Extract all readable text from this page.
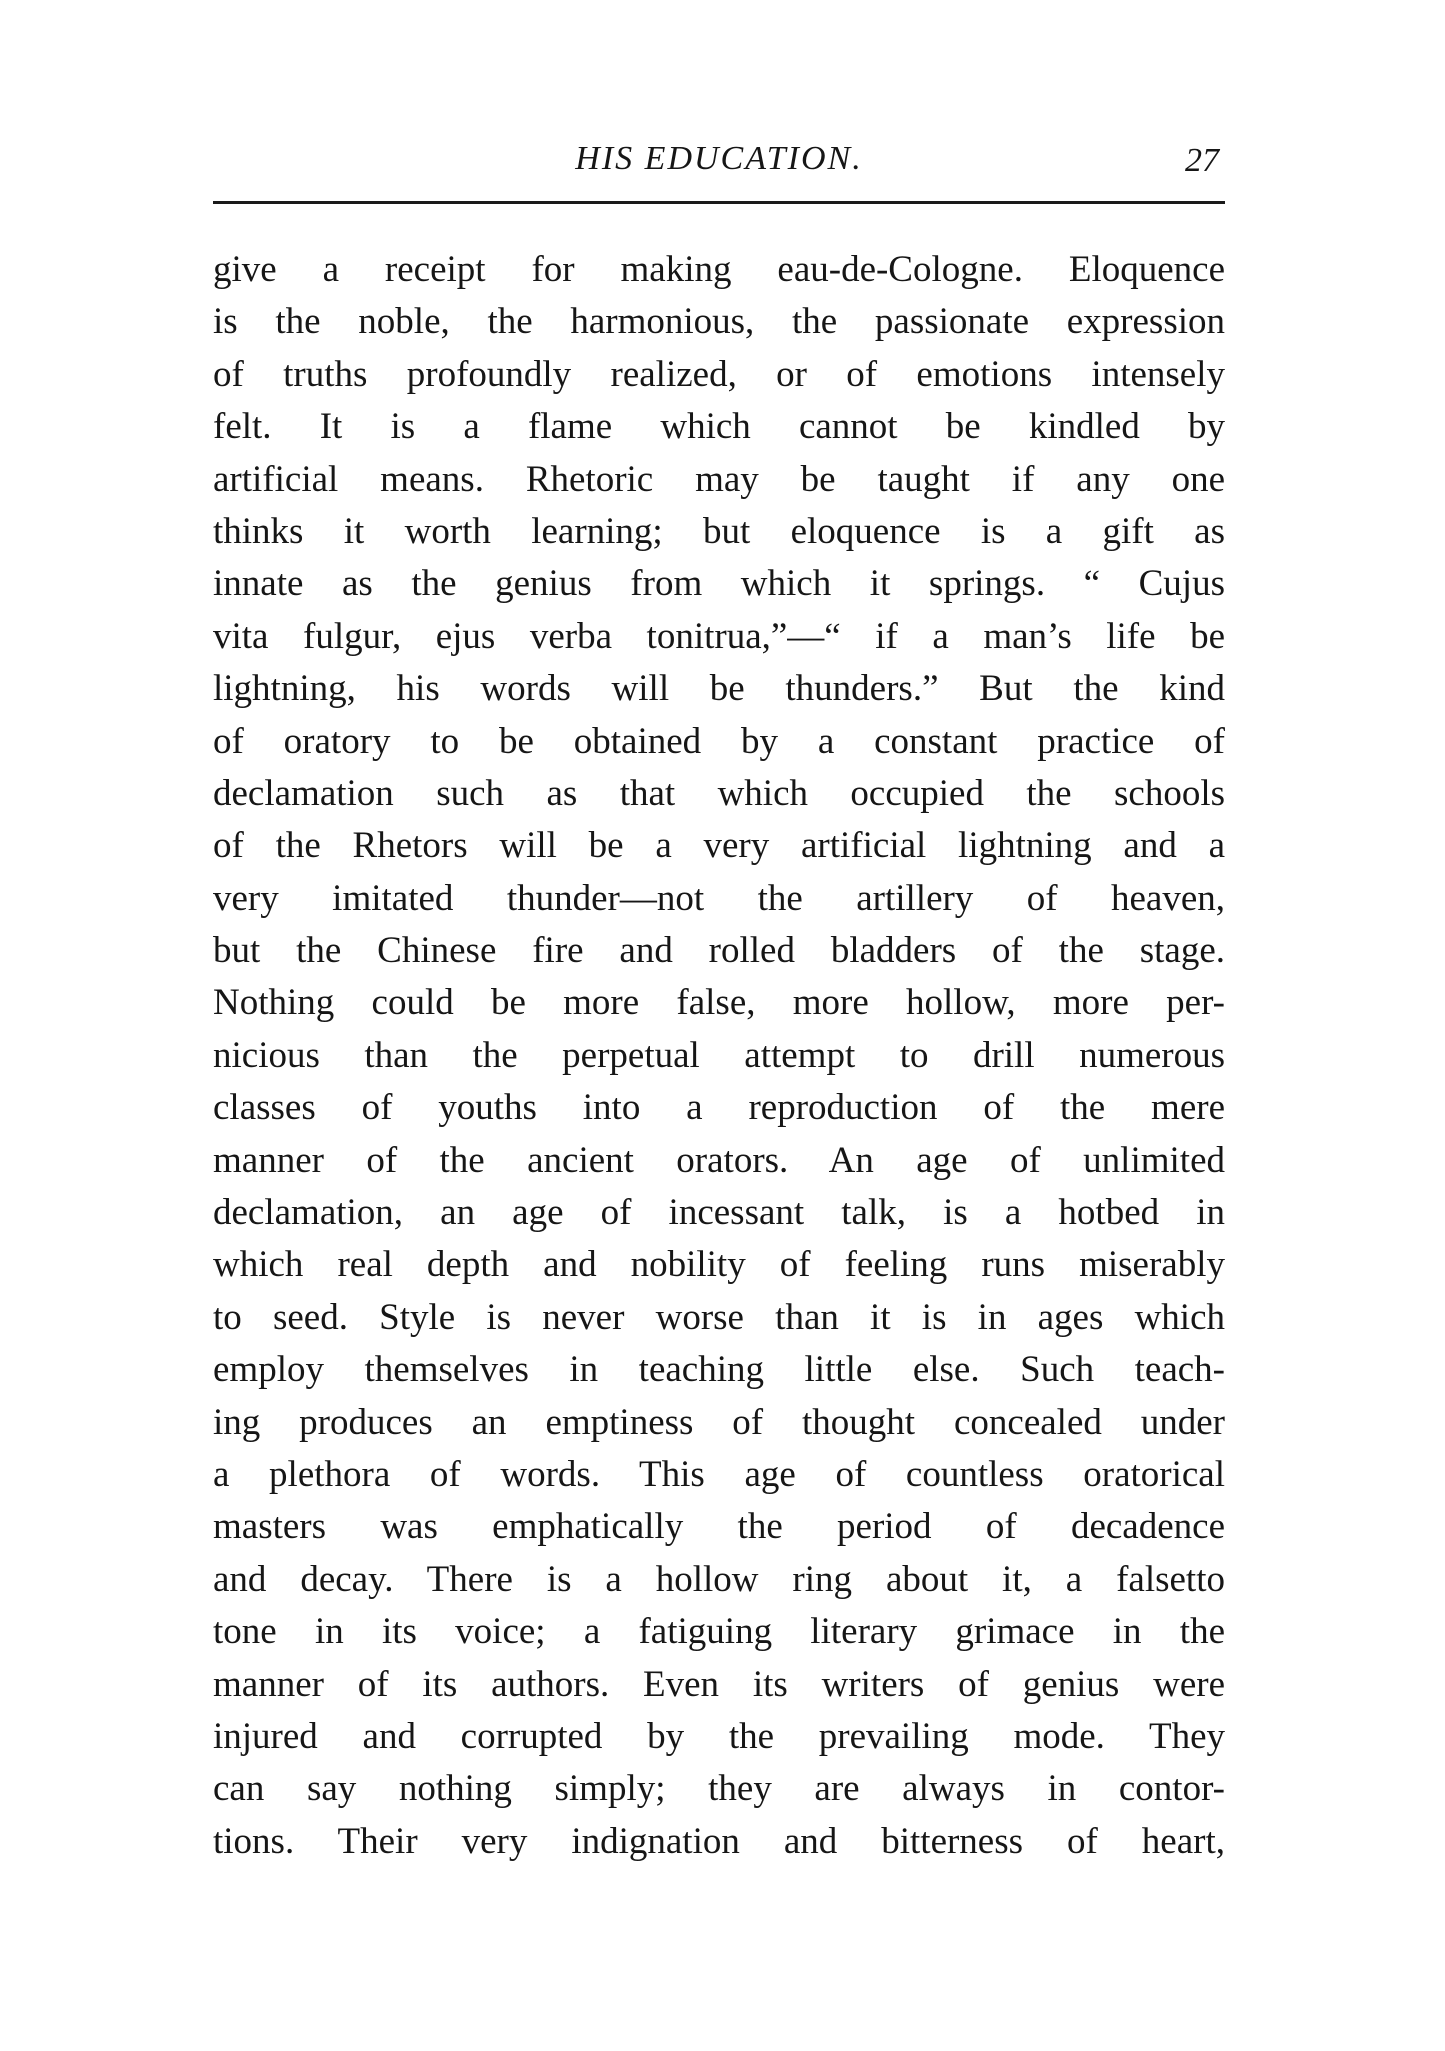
HIS EDUCATION.	27
give a receipt for making eau-de-Cologne. Eloquence
is the noble, the harmonious, the passionate expression
of truths profoundly realized, or of emotions intensely
felt. It is a flame which cannot be kindled by
artificial means. Rhetoric may be taught if any one
thinks it worth learning; but eloquence is a gift as
innate as the genius from which it springs. “ Cujus
vita fulgur, ejus verba tonitrua,”—“ if a man’s life be
lightning, his words will be thunders.” But the kind
of oratory to be obtained by a constant practice of
declamation such as that which occupied the schools
of the Rhetors will be a very artificial lightning and a
very imitated thunder—not the artillery of heaven,
but the Chinese fire and rolled bladders of the stage.
Nothing could be more false, more hollow, more per-
nicious than the perpetual attempt to drill numerous
classes of youths into a reproduction of the mere
manner of the ancient orators. An age of unlimited
declamation, an age of incessant talk, is a hotbed in
which real depth and nobility of feeling runs miserably
to seed. Style is never worse than it is in ages which
employ themselves in teaching little else. Such teach-
ing produces an emptiness of thought concealed under
a plethora of words. This age of countless oratorical
masters was emphatically the period of decadence
and decay. There is a hollow ring about it, a falsetto
tone in its voice; a fatiguing literary grimace in the
manner of its authors. Even its writers of genius were
injured and corrupted by the prevailing mode. They
can say nothing simply; they are always in contor-
tions. Their very indignation and bitterness of heart,
